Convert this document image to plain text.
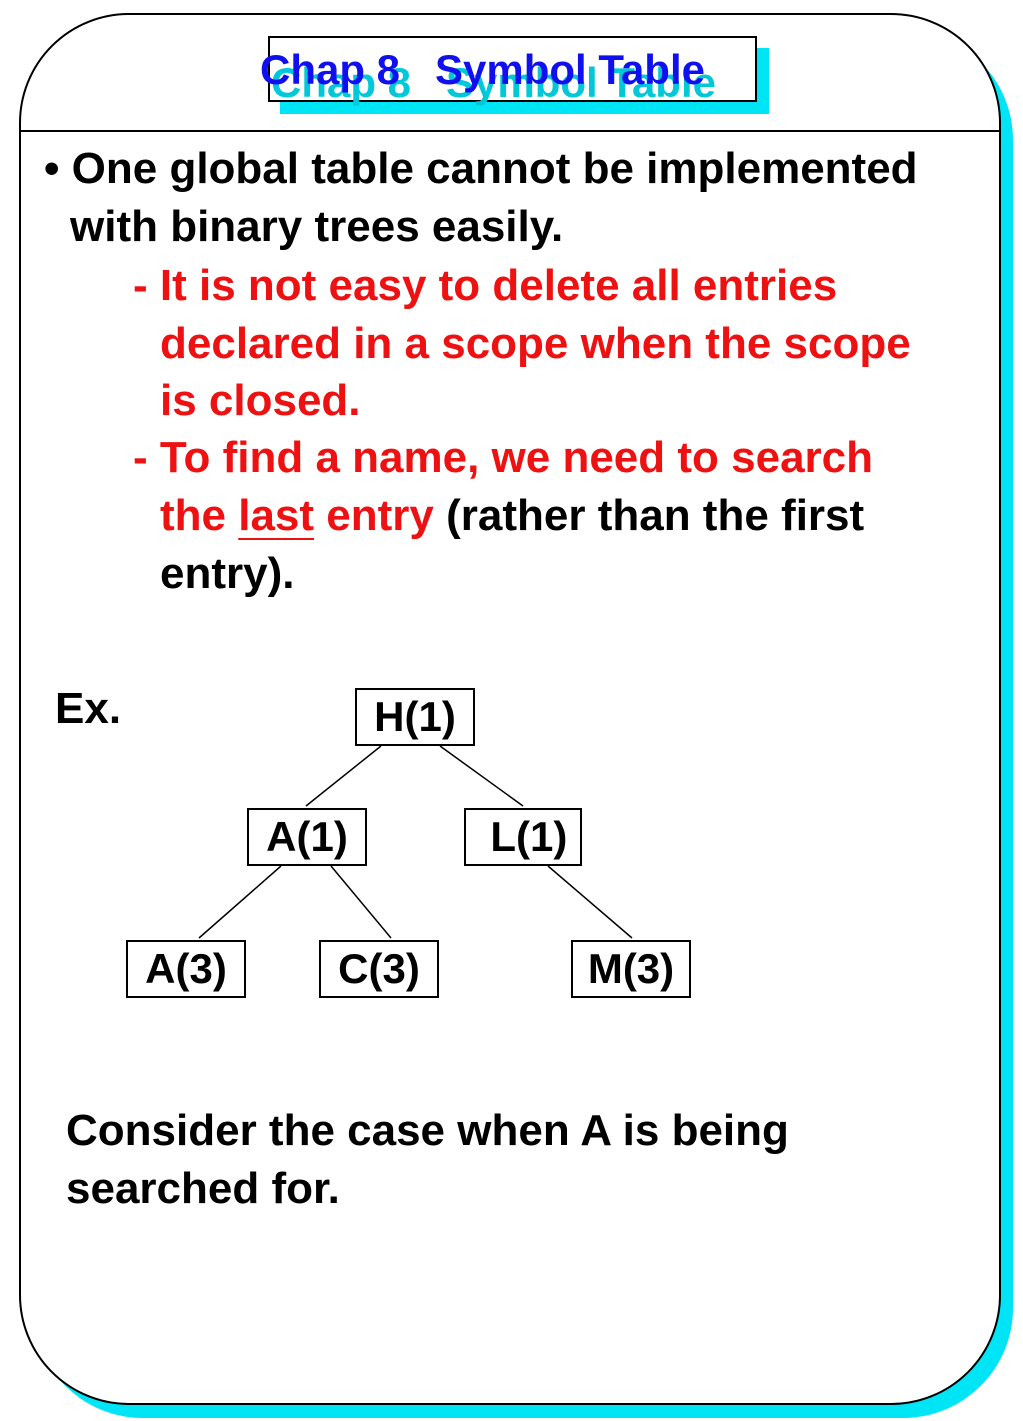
Chap 8   Symbol Table

• One global table cannot be implemented

with binary trees easily.

- It is not easy to delete all entries

declared in a scope when the scope

is closed.

- To find a name, we need to search

the last entry (rather than the first

entry).

Ex.	H(1)
A(1)	L(1)
A(3)	C(3)	M(3)

Consider the case when A is being

searched for.
